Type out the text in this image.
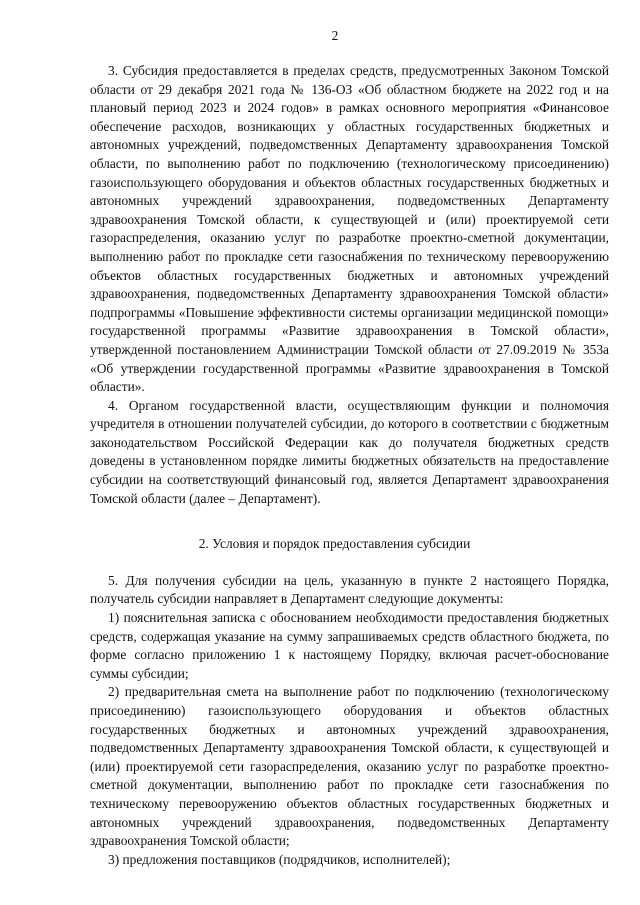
2

3. Субсидия предоставляется в пределах средств, предусмотренных Законом Томской области от 29 декабря 2021 года № 136-ОЗ «Об областном бюджете на 2022 год и на плановый период 2023 и 2024 годов» в рамках основного мероприятия «Финансовое обеспечение расходов, возникающих у областных государственных бюджетных и автономных учреждений, подведомственных Департаменту здравоохранения Томской области, по выполнению работ по подключению (технологическому присоединению) газоиспользующего оборудования и объектов областных государственных бюджетных и автономных учреждений здравоохранения, подведомственных Департаменту здравоохранения Томской области, к существующей и (или) проектируемой сети газораспределения, оказанию услуг по разработке проектно-сметной документации, выполнению работ по прокладке сети газоснабжения по техническому перевооружению объектов областных государственных бюджетных и автономных учреждений здравоохранения, подведомственных Департаменту здравоохранения Томской области» подпрограммы «Повышение эффективности системы организации медицинской помощи» государственной программы «Развитие здравоохранения в Томской области», утвержденной постановлением Администрации Томской области от 27.09.2019 № 353а «Об утверждении государственной программы «Развитие здравоохранения в Томской области».

4. Органом государственной власти, осуществляющим функции и полномочия учредителя в отношении получателей субсидии, до которого в соответствии с бюджетным законодательством Российской Федерации как до получателя бюджетных средств доведены в установленном порядке лимиты бюджетных обязательств на предоставление субсидии на соответствующий финансовый год, является Департамент здравоохранения Томской области (далее – Департамент).

2. Условия и порядок предоставления субсидии

5. Для получения субсидии на цель, указанную в пункте 2 настоящего Порядка, получатель субсидии направляет в Департамент следующие документы:

1) пояснительная записка с обоснованием необходимости предоставления бюджетных средств, содержащая указание на сумму запрашиваемых средств областного бюджета, по форме согласно приложению 1 к настоящему Порядку, включая расчет-обоснование суммы субсидии;

2) предварительная смета на выполнение работ по подключению (технологическому присоединению) газоиспользующего оборудования и объектов областных государственных бюджетных и автономных учреждений здравоохранения, подведомственных Департаменту здравоохранения Томской области, к существующей и (или) проектируемой сети газораспределения, оказанию услуг по разработке проектно-сметной документации, выполнению работ по прокладке сети газоснабжения по техническому перевооружению объектов областных государственных бюджетных и автономных учреждений здравоохранения, подведомственных Департаменту здравоохранения Томской области;

3) предложения поставщиков (подрядчиков, исполнителей);
